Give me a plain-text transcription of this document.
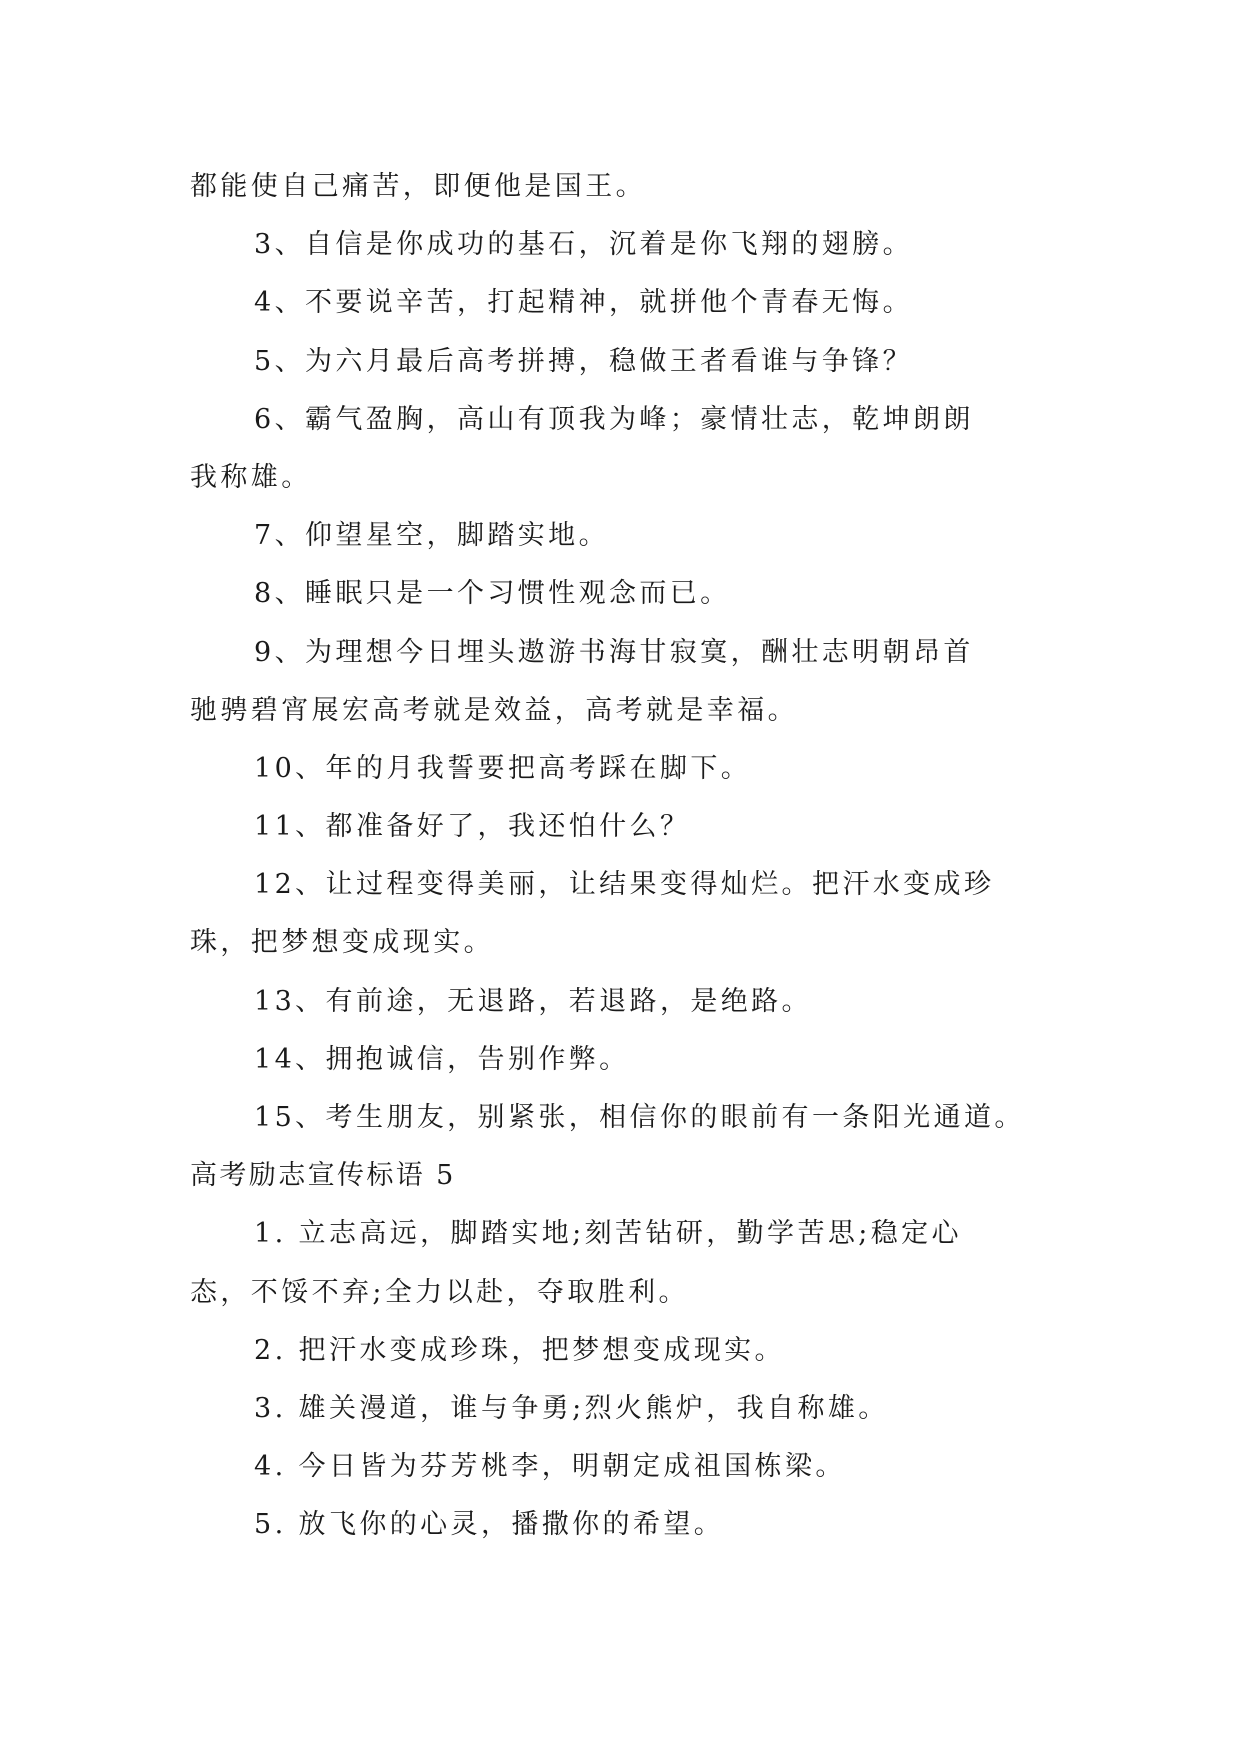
都能使自己痛苦，即便他是国王。
3、自信是你成功的基石，沉着是你飞翔的翅膀。
4、不要说辛苦，打起精神，就拼他个青春无悔。
5、为六月最后高考拼搏，稳做王者看谁与争锋？
6、霸气盈胸，高山有顶我为峰；豪情壮志，乾坤朗朗
我称雄。
7、仰望星空，脚踏实地。
8、睡眠只是一个习惯性观念而已。
9、为理想今日埋头遨游书海甘寂寞，酬壮志明朝昂首
驰骋碧宵展宏高考就是效益，高考就是幸福。
10、年的月我誓要把高考踩在脚下。
11、都准备好了，我还怕什么？
12、让过程变得美丽，让结果变得灿烂。把汗水变成珍
珠，把梦想变成现实。
13、有前途，无退路，若退路，是绝路。
14、拥抱诚信，告别作弊。
15、考生朋友，别紧张，相信你的眼前有一条阳光通道。
高考励志宣传标语 5
1. 立志高远，脚踏实地;刻苦钻研，勤学苦思;稳定心
态，不馁不弃;全力以赴，夺取胜利。
2. 把汗水变成珍珠，把梦想变成现实。
3. 雄关漫道，谁与争勇;烈火熊炉，我自称雄。
4. 今日皆为芬芳桃李，明朝定成祖国栋梁。
5. 放飞你的心灵，播撒你的希望。
